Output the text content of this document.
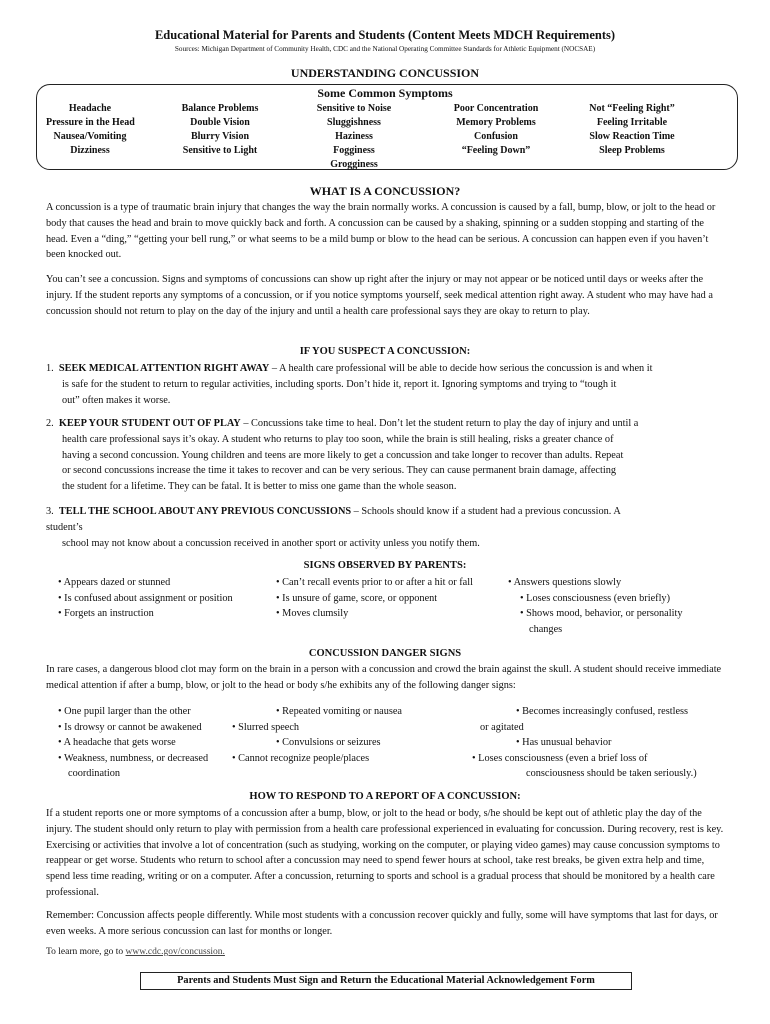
Educational Material for Parents and Students (Content Meets MDCH Requirements)
Sources: Michigan Department of Community Health, CDC and the National Operating Committee Standards for Athletic Equipment (NOCSAE)
UNDERSTANDING CONCUSSION
Some Common Symptoms
Headache
Pressure in the Head
Nausea/Vomiting
Dizziness
Balance Problems
Double Vision
Blurry Vision
Sensitive to Light
Sensitive to Noise
Sluggishness
Haziness
Fogginess
Grogginess
Poor Concentration
Memory Problems
Confusion
“Feeling Down”
Not “Feeling Right”
Feeling Irritable
Slow Reaction Time
Sleep Problems
WHAT IS A CONCUSSION?

A concussion is a type of traumatic brain injury that changes the way the brain normally works. A concussion is caused by a fall, bump, blow, or jolt to the head or body that causes the head and brain to move quickly back and forth. A concussion can be caused by a shaking, spinning or a sudden stopping and starting of the head. Even a “ding,” “getting your bell rung,” or what seems to be a mild bump or blow to the head can be serious. A concussion can happen even if you haven’t been knocked out.

You can’t see a concussion. Signs and symptoms of concussions can show up right after the injury or may not appear or be noticed until days or weeks after the injury. If the student reports any symptoms of a concussion, or if you notice symptoms yourself, seek medical attention right away. A student who may have had a concussion should not return to play on the day of the injury and until a health care professional says they are okay to return to play.

IF YOU SUSPECT A CONCUSSION:
1. SEEK MEDICAL ATTENTION RIGHT AWAY – A health care professional will be able to decide how serious the concussion is and when it
is safe for the student to return to regular activities, including sports. Don’t hide it, report it. Ignoring symptoms and trying to “tough it
out” often makes it worse.
2. KEEP YOUR STUDENT OUT OF PLAY – Concussions take time to heal. Don’t let the student return to play the day of injury and until a
health care professional says it’s okay. A student who returns to play too soon, while the brain is still healing, risks a greater chance of
having a second concussion. Young children and teens are more likely to get a concussion and take longer to recover than adults. Repeat
or second concussions increase the time it takes to recover and can be very serious. They can cause permanent brain damage, affecting
the student for a lifetime. They can be fatal. It is better to miss one game than the whole season.
3. TELL THE SCHOOL ABOUT ANY PREVIOUS CONCUSSIONS – Schools should know if a student had a previous concussion. A
student’s
school may not know about a concussion received in another sport or activity unless you notify them.
SIGNS OBSERVED BY PARENTS:
• Appears dazed or stunned
• Is confused about assignment or position
• Forgets an instruction
• Can’t recall events prior to or after a hit or fall
• Is unsure of game, score, or opponent
• Moves clumsily
• Answers questions slowly
• Loses consciousness (even briefly)
• Shows mood, behavior, or personality
changes
CONCUSSION DANGER SIGNS

In rare cases, a dangerous blood clot may form on the brain in a person with a concussion and crowd the brain against the skull. A student should receive immediate medical attention if after a bump, blow, or jolt to the head or body s/he exhibits any of the following danger signs:

• One pupil larger than the other
• Is drowsy or cannot be awakened
• A headache that gets worse
• Weakness, numbness, or decreased
coordination
• Repeated vomiting or nausea
• Slurred speech
• Convulsions or seizures
• Cannot recognize people/places
• Becomes increasingly confused, restless
or agitated
• Has unusual behavior
• Loses consciousness (even a brief loss of
consciousness should be taken seriously.)
HOW TO RESPOND TO A REPORT OF A CONCUSSION:

If a student reports one or more symptoms of a concussion after a bump, blow, or jolt to the head or body, s/he should be kept out of athletic play the day of the injury. The student should only return to play with permission from a health care professional experienced in evaluating for concussion. During recovery, rest is key. Exercising or activities that involve a lot of concentration (such as studying, working on the computer, or playing video games) may cause concussion symptoms to reappear or get worse. Students who return to school after a concussion may need to spend fewer hours at school, take rest breaks, be given extra help and time, spend less time reading, writing or on a computer. After a concussion, returning to sports and school is a gradual process that should be monitored by a health care professional.

Remember: Concussion affects people differently. While most students with a concussion recover quickly and fully, some will have symptoms that last for days, or even weeks. A more serious concussion can last for months or longer.

To learn more, go to www.cdc.gov/concussion.
Parents and Students Must Sign and Return the Educational Material Acknowledgement Form
